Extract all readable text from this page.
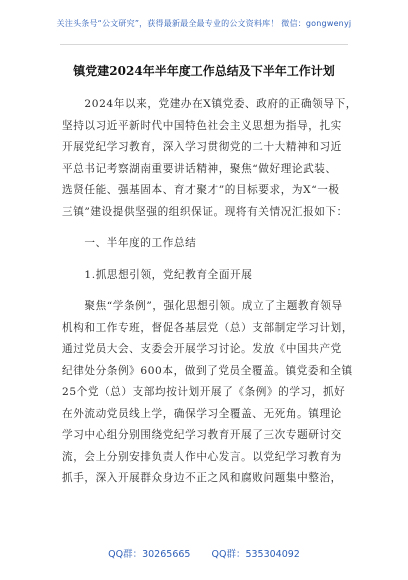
关注头条号“公文研究”，获得最新最全最专业的公文资料库！ 微信：gongwenyj
镇党建2024年半年度工作总结及下半年工作计划
　　2024年以来，党建办在X镇党委、政府的正确领导下，
坚持以习近平新时代中国特色社会主义思想为指导，扎实
开展党纪学习教育，深入学习贯彻党的二十大精神和习近
平总书记考察湖南重要讲话精神，聚焦“做好理论武装、
选贤任能、强基固本、育才聚才”的目标要求，为X“一极
三镇”建设提供坚强的组织保证。现将有关情况汇报如下：
　　一、半年度的工作总结
　　1.抓思想引领，党纪教育全面开展
　　聚焦“学条例”，强化思想引领。成立了主题教育领导
机构和工作专班，督促各基层党（总）支部制定学习计划，
通过党员大会、支委会开展学习讨论。发放《中国共产党
纪律处分条例》600本，做到了党员全覆盖。镇党委和全镇
25个党（总）支部均按计划开展了《条例》的学习，抓好
在外流动党员线上学，确保学习全覆盖、无死角。镇理论
学习中心组分别围绕党纪学习教育开展了三次专题研讨交
流，会上分别安排负责人作中心发言。以党纪学习教育为
抓手，深入开展群众身边不正之风和腐败问题集中整治，
QQ群：30265665 QQ群：535304092
